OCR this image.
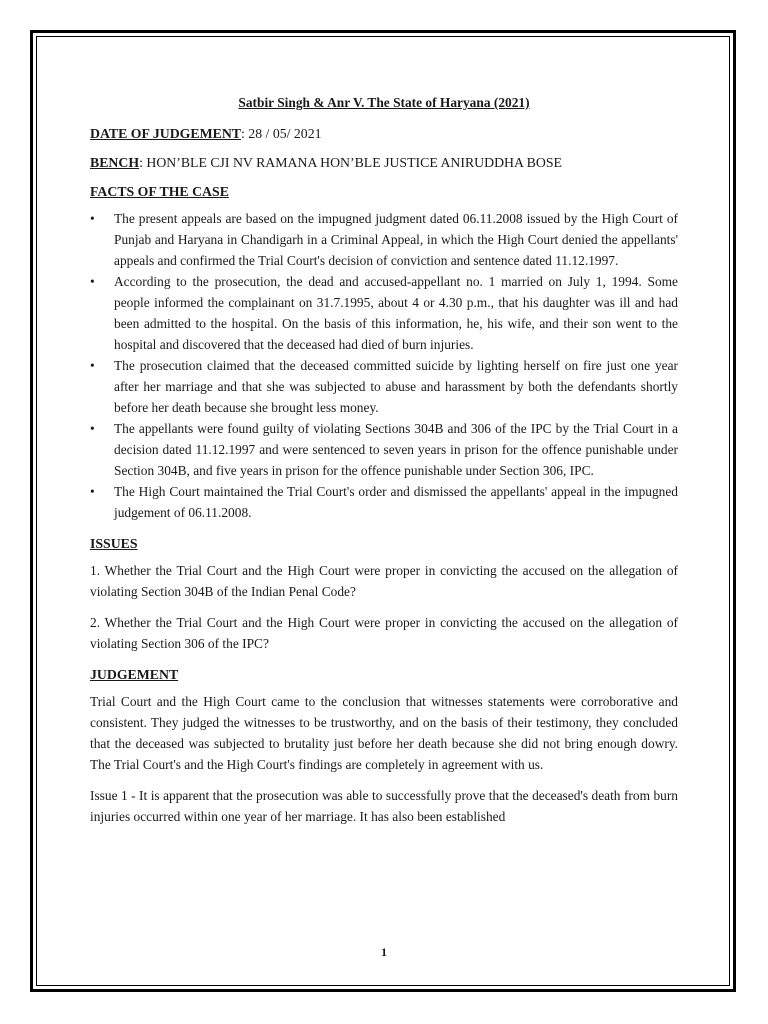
Satbir Singh & Anr V. The State of Haryana (2021)
DATE OF JUDGEMENT: 28 / 05/ 2021
BENCH: HON’BLE CJI NV RAMANA HON’BLE JUSTICE ANIRUDDHA BOSE
FACTS OF THE CASE
• The present appeals are based on the impugned judgment dated 06.11.2008 issued by the High Court of Punjab and Haryana in Chandigarh in a Criminal Appeal, in which the High Court denied the appellants' appeals and confirmed the Trial Court's decision of conviction and sentence dated 11.12.1997.
• According to the prosecution, the dead and accused-appellant no. 1 married on July 1, 1994. Some people informed the complainant on 31.7.1995, about 4 or 4.30 p.m., that his daughter was ill and had been admitted to the hospital. On the basis of this information, he, his wife, and their son went to the hospital and discovered that the deceased had died of burn injuries.
• The prosecution claimed that the deceased committed suicide by lighting herself on fire just one year after her marriage and that she was subjected to abuse and harassment by both the defendants shortly before her death because she brought less money.
• The appellants were found guilty of violating Sections 304B and 306 of the IPC by the Trial Court in a decision dated 11.12.1997 and were sentenced to seven years in prison for the offence punishable under Section 304B, and five years in prison for the offence punishable under Section 306, IPC.
• The High Court maintained the Trial Court's order and dismissed the appellants' appeal in the impugned judgement of 06.11.2008.
ISSUES

1. Whether the Trial Court and the High Court were proper in convicting the accused on the allegation of violating Section 304B of the Indian Penal Code?

2. Whether the Trial Court and the High Court were proper in convicting the accused on the allegation of violating Section 306 of the IPC?

JUDGEMENT

Trial Court and the High Court came to the conclusion that witnesses statements were corroborative and consistent. They judged the witnesses to be trustworthy, and on the basis of their testimony, they concluded that the deceased was subjected to brutality just before her death because she did not bring enough dowry. The Trial Court's and the High Court's findings are completely in agreement with us.

Issue 1 - It is apparent that the prosecution was able to successfully prove that the deceased's death from burn injuries occurred within one year of her marriage. It has also been established

1
